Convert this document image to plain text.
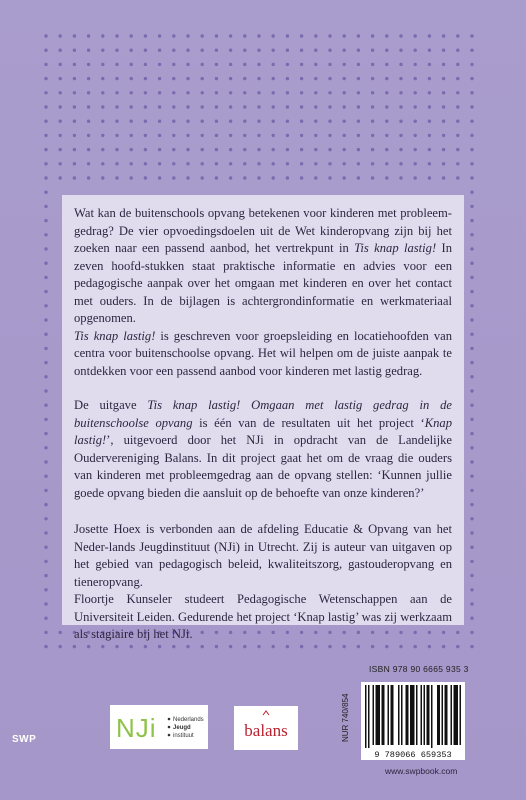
Wat kan de buitenschools opvang betekenen voor kinderen met probleem-gedrag? De vier opvoedingsdoelen uit de Wet kinderopvang zijn bij het zoeken naar een passend aanbod, het vertrekpunt in Tis knap lastig! In zeven hoofd-stukken staat praktische informatie en advies voor een pedagogische aanpak over het omgaan met kinderen en over het contact met ouders. In de bijlagen is achtergrondinformatie en werkmateriaal opgenomen.

Tis knap lastig! is geschreven voor groepsleiding en locatiehoofden van centra voor buitenschoolse opvang. Het wil helpen om de juiste aanpak te ontdekken voor een passend aanbod voor kinderen met lastig gedrag.

De uitgave Tis knap lastig! Omgaan met lastig gedrag in de buitenschoolse opvang is één van de resultaten uit het project ‘Knap lastig!’, uitgevoerd door het NJi in opdracht van de Landelijke Oudervereniging Balans. In dit project gaat het om de vraag die ouders van kinderen met probleemgedrag aan de opvang stellen: ‘Kunnen jullie goede opvang bieden die aansluit op de behoefte van onze kinderen?’

Josette Hoex is verbonden aan de afdeling Educatie & Opvang van het Neder-lands Jeugdinstituut (NJi) in Utrecht. Zij is auteur van uitgaven op het gebied van pedagogisch beleid, kwaliteitszorg, gastouderopvang en tieneropvang.

Floortje Kunseler studeert Pedagogische Wetenschappen aan de Universiteit Leiden. Gedurende het project ‘Knap lastig’ was zij werkzaam als stagiaire bij het NJi.

ISBN 978 90 6665 935 3
NUR 740/854
9 789066 659353
www.swpbook.com
NJi	Nederlands
Jeugd
instituut	balans
SWP
